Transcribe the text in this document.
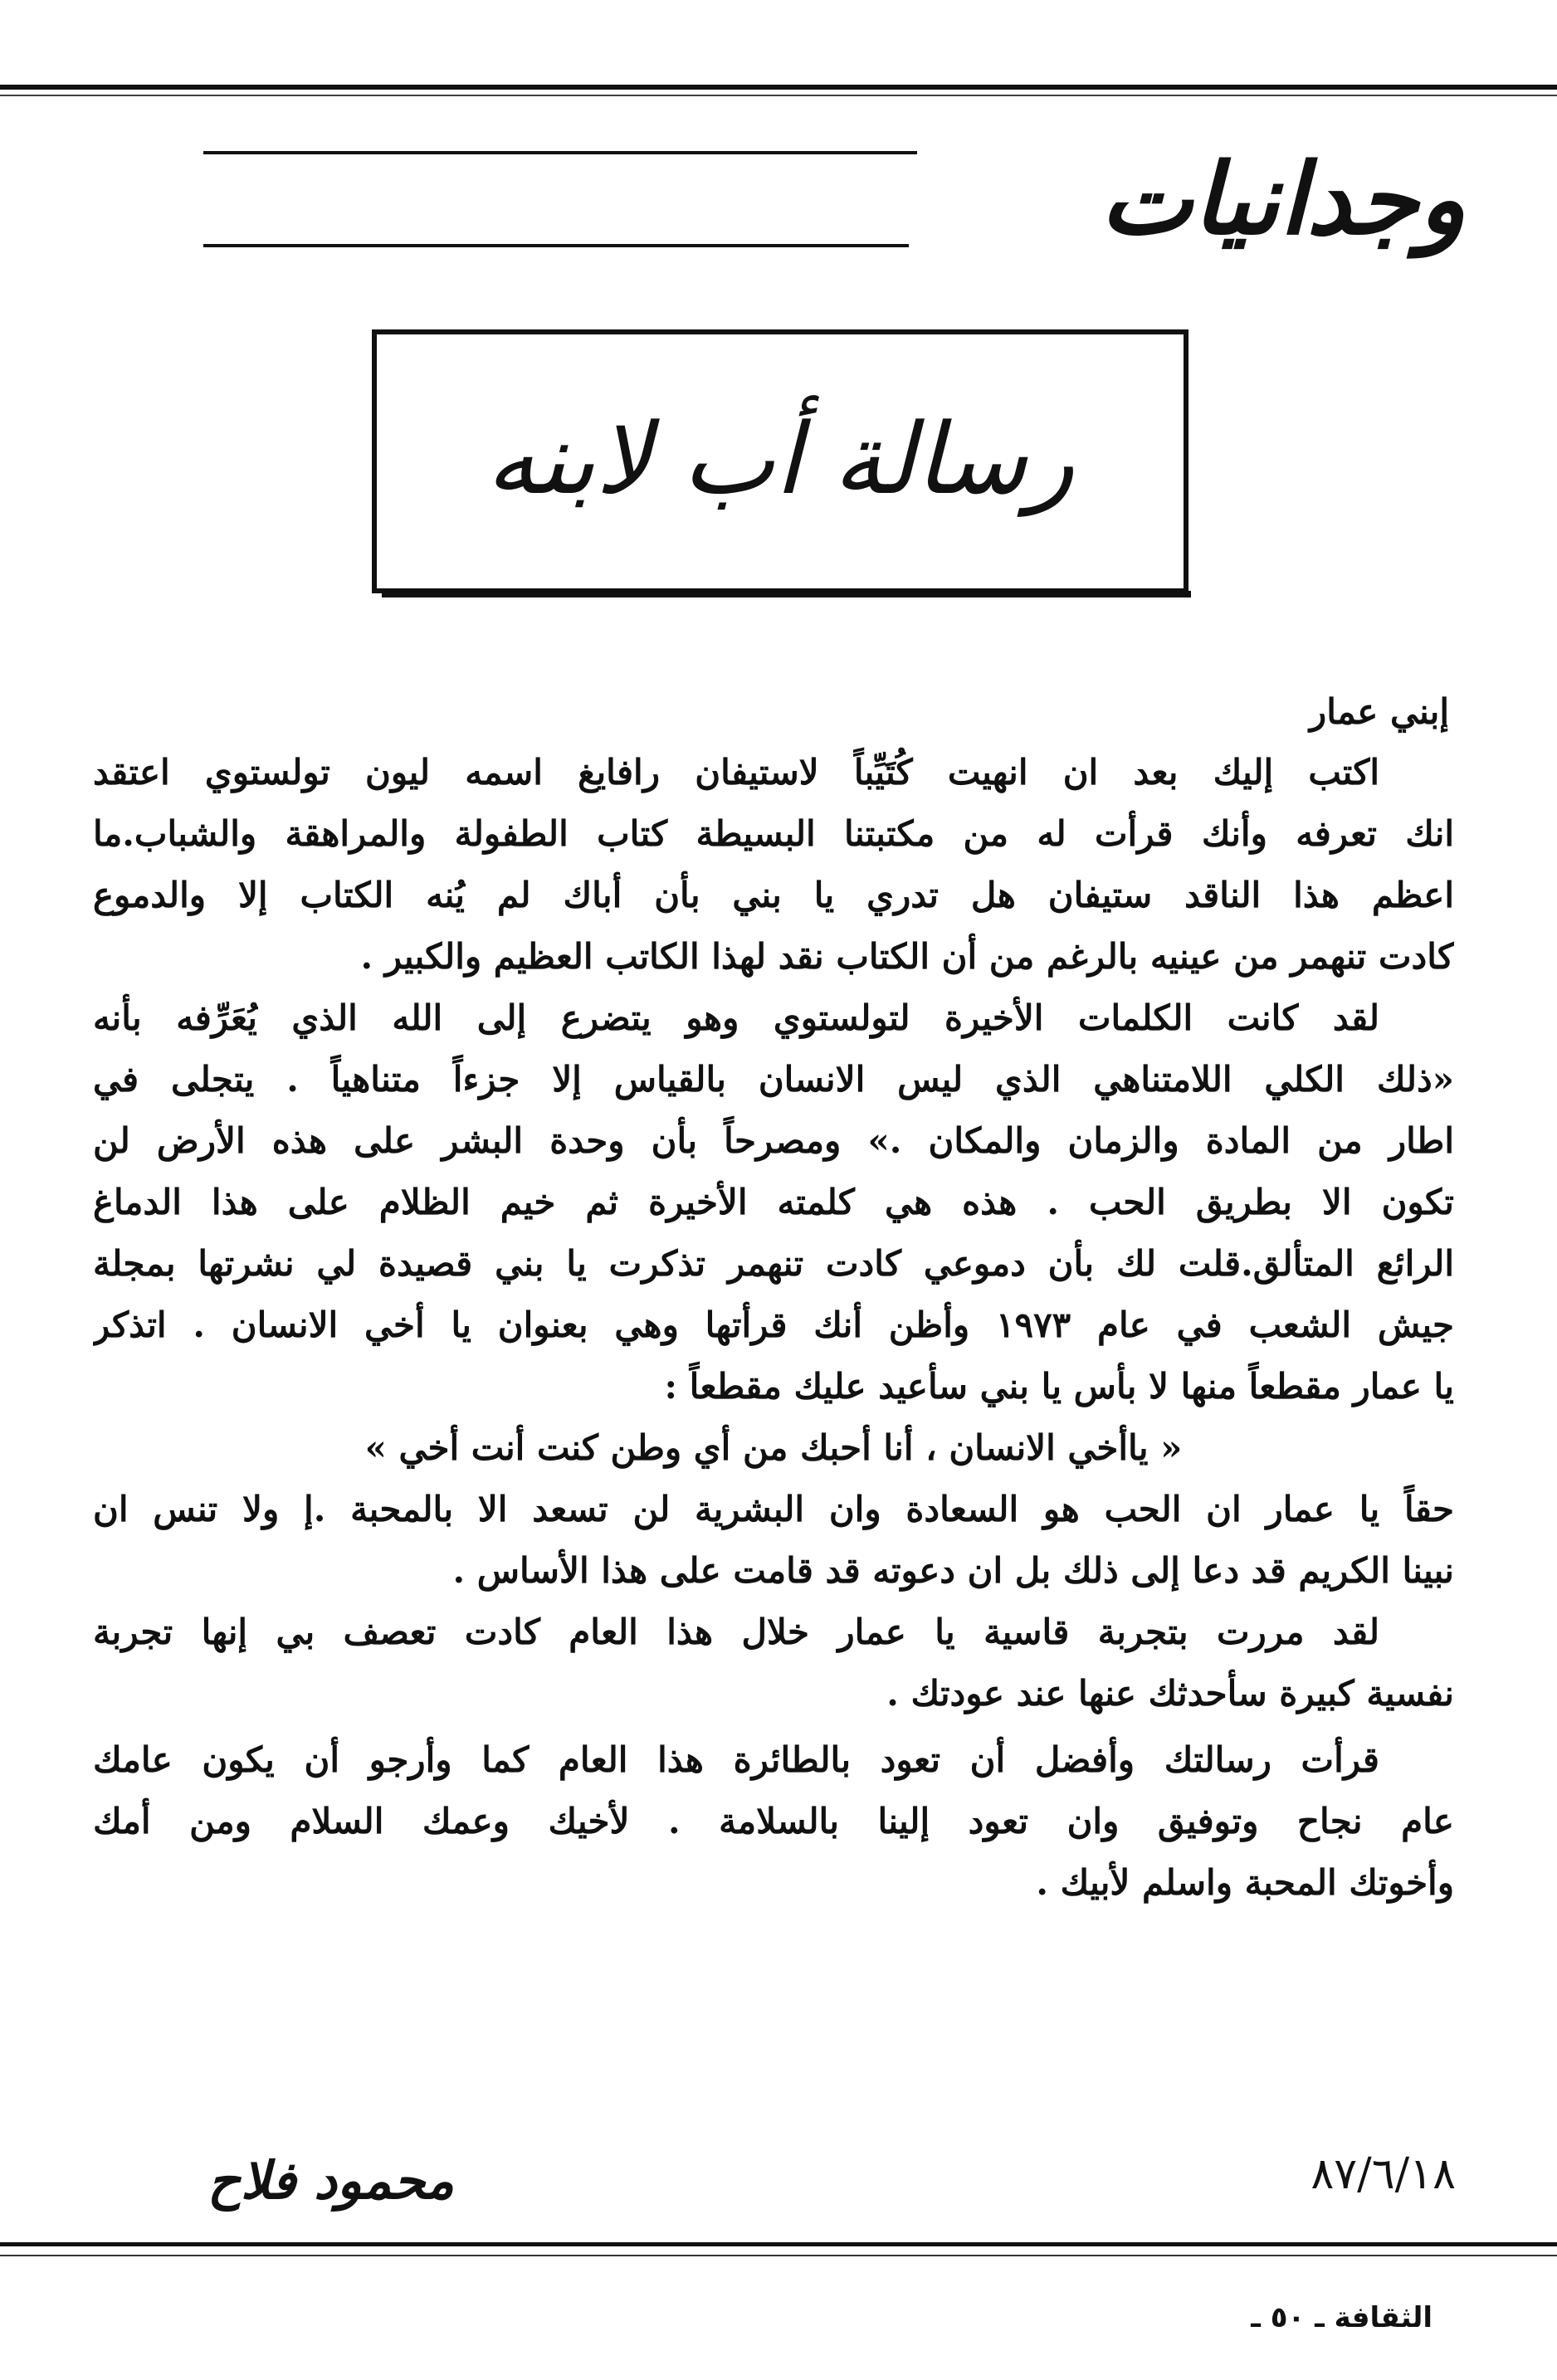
وجدانيات
رسالة أب لابنه
إبني عمار
اكتب إليك بعد ان انهيت كُتَيِّباً لاستيفان رافايغ اسمه ليون تولستوي اعتقد
انك تعرفه وأنك قرأت له من مكتبتنا البسيطة كتاب الطفولة والمراهقة والشباب.ما
اعظم هذا الناقد ستيفان هل تدري يا بني بأن أباك لم يُنه الكتاب إلا والدموع
كادت تنهمر من عينيه بالرغم من أن الكتاب نقد لهذا الكاتب العظيم والكبير .
لقد كانت الكلمات الأخيرة لتولستوي وهو يتضرع إلى الله الذي يُعَرِّفه بأنه
«ذلك الكلي اللامتناهي الذي ليس الانسان بالقياس إلا جزءاً متناهياً . يتجلى في
اطار من المادة والزمان والمكان .» ومصرحاً بأن وحدة البشر على هذه الأرض لن
تكون الا بطريق الحب . هذه هي كلمته الأخيرة ثم خيم الظلام على هذا الدماغ
الرائع المتألق.قلت لك بأن دموعي كادت تنهمر تذكرت يا بني قصيدة لي نشرتها بمجلة
جيش الشعب في عام ١٩٧٣ وأظن أنك قرأتها وهي بعنوان يا أخي الانسان . اتذكر
يا عمار مقطعاً منها لا بأس يا بني سأعيد عليك مقطعاً :
« ياأخي الانسان ، أنا أحبك من أي وطن كنت أنت أخي »
حقاً يا عمار ان الحب هو السعادة وان البشرية لن تسعد الا بالمحبة .إ ولا تنس ان
نبينا الكريم قد دعا إلى ذلك بل ان دعوته قد قامت على هذا الأساس .
لقد مررت بتجربة قاسية يا عمار خلال هذا العام كادت تعصف بي إنها تجربة
نفسية كبيرة سأحدثك عنها عند عودتك .
قرأت رسالتك وأفضل أن تعود بالطائرة هذا العام كما وأرجو أن يكون عامك
عام نجاح وتوفيق وان تعود إلينا بالسلامة . لأخيك وعمك السلام ومن أمك
وأخوتك المحبة واسلم لأبيك .
٨٧/٦/١٨
محمود فلاح
الثقافة ـ ٥٠ ـ
